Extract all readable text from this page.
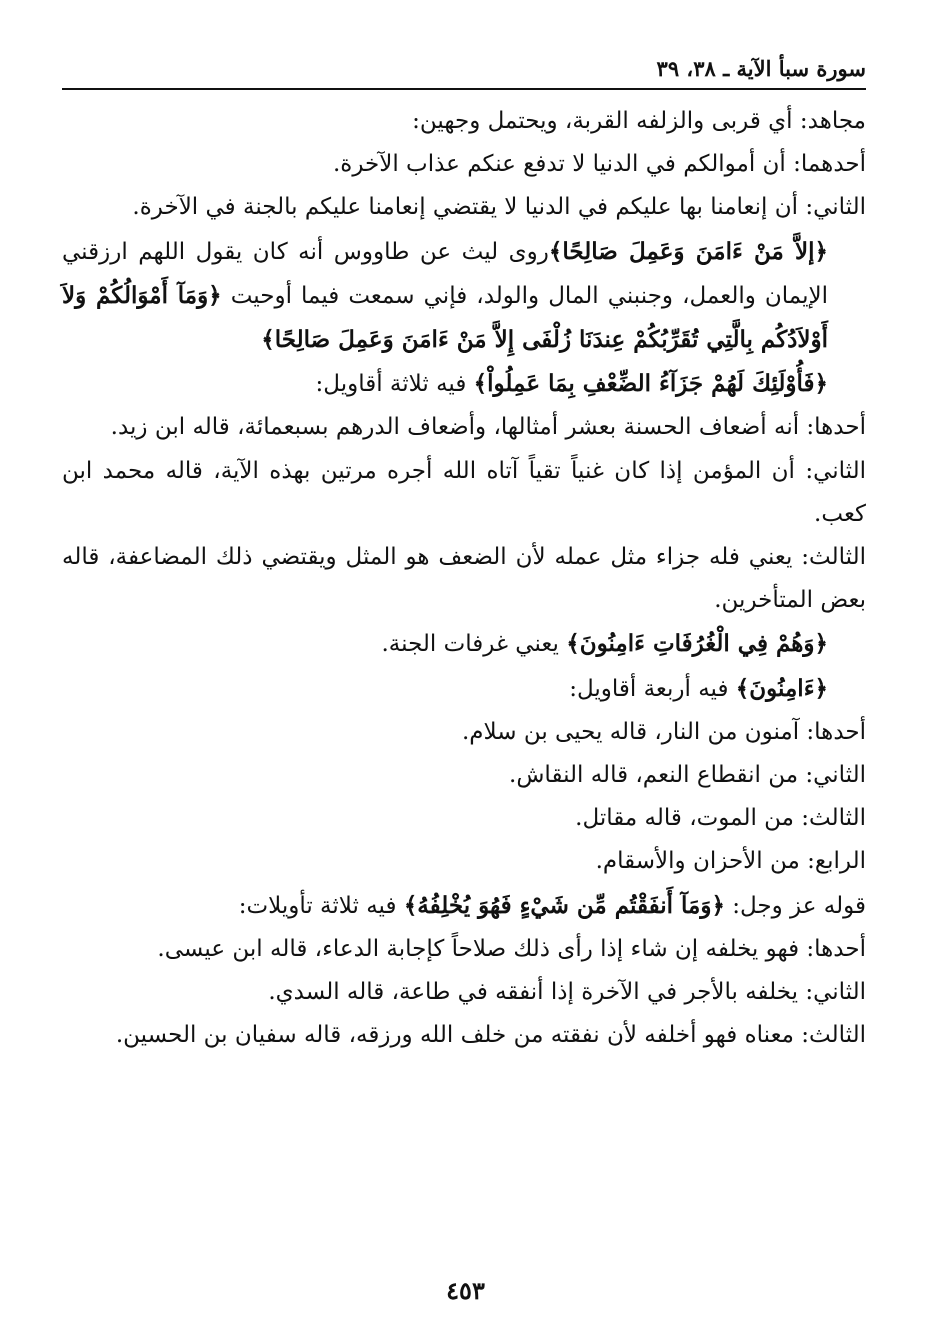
سورة سبأ الآية ـ ٣٨، ٣٩

مجاهد: أي قربى والزلفه القربة، ويحتمل وجهين:

أحدهما: أن أموالكم في الدنيا لا تدفع عنكم عذاب الآخرة.

الثاني: أن إنعامنا بها عليكم في الدنيا لا يقتضي إنعامنا عليكم بالجنة في الآخرة.

﴿إلاَّ مَنْ ءَامَنَ وَعَمِلَ صَالِحًا﴾روى ليث عن طاووس أنه كان يقول اللهم ارزقني الإيمان والعمل، وجنبني المال والولد، فإني سمعت فيما أوحيت ﴿وَمَآ أَمْوَالُكُمْ وَلاَ أَوْلاَدُكُم بِالَّتِي تُقَرِّبُكُمْ عِندَنَا زُلْفَى إِلاَّ مَنْ ءَامَنَ وَعَمِلَ صَالِحًا﴾

﴿فَأُوْلَئِكَ لَهُمْ جَزَآءُ الضِّعْفِ بِمَا عَمِلُواْ﴾ فيه ثلاثة أقاويل:

أحدها: أنه أضعاف الحسنة بعشر أمثالها، وأضعاف الدرهم بسبعمائة، قاله ابن زيد.

الثاني: أن المؤمن إذا كان غنياً تقياً آتاه الله أجره مرتين بهذه الآية، قاله محمد ابن كعب.

الثالث: يعني فله جزاء مثل عمله لأن الضعف هو المثل ويقتضي ذلك المضاعفة، قاله بعض المتأخرين.

﴿وَهُمْ فِي الْغُرُفَاتِ ءَامِنُونَ﴾ يعني غرفات الجنة.

﴿ءَامِنُونَ﴾ فيه أربعة أقاويل:

أحدها: آمنون من النار، قاله يحيى بن سلام.

الثاني: من انقطاع النعم، قاله النقاش.

الثالث: من الموت، قاله مقاتل.

الرابع: من الأحزان والأسقام.

قوله عز وجل: ﴿وَمَآ أَنفَقْتُم مِّن شَيْءٍ فَهُوَ يُخْلِفُهُ﴾ فيه ثلاثة تأويلات:

أحدها: فهو يخلفه إن شاء إذا رأى ذلك صلاحاً كإجابة الدعاء، قاله ابن عيسى.

الثاني: يخلفه بالأجر في الآخرة إذا أنفقه في طاعة، قاله السدي.

الثالث: معناه فهو أخلفه لأن نفقته من خلف الله ورزقه، قاله سفيان بن الحسين.

٤٥٣
